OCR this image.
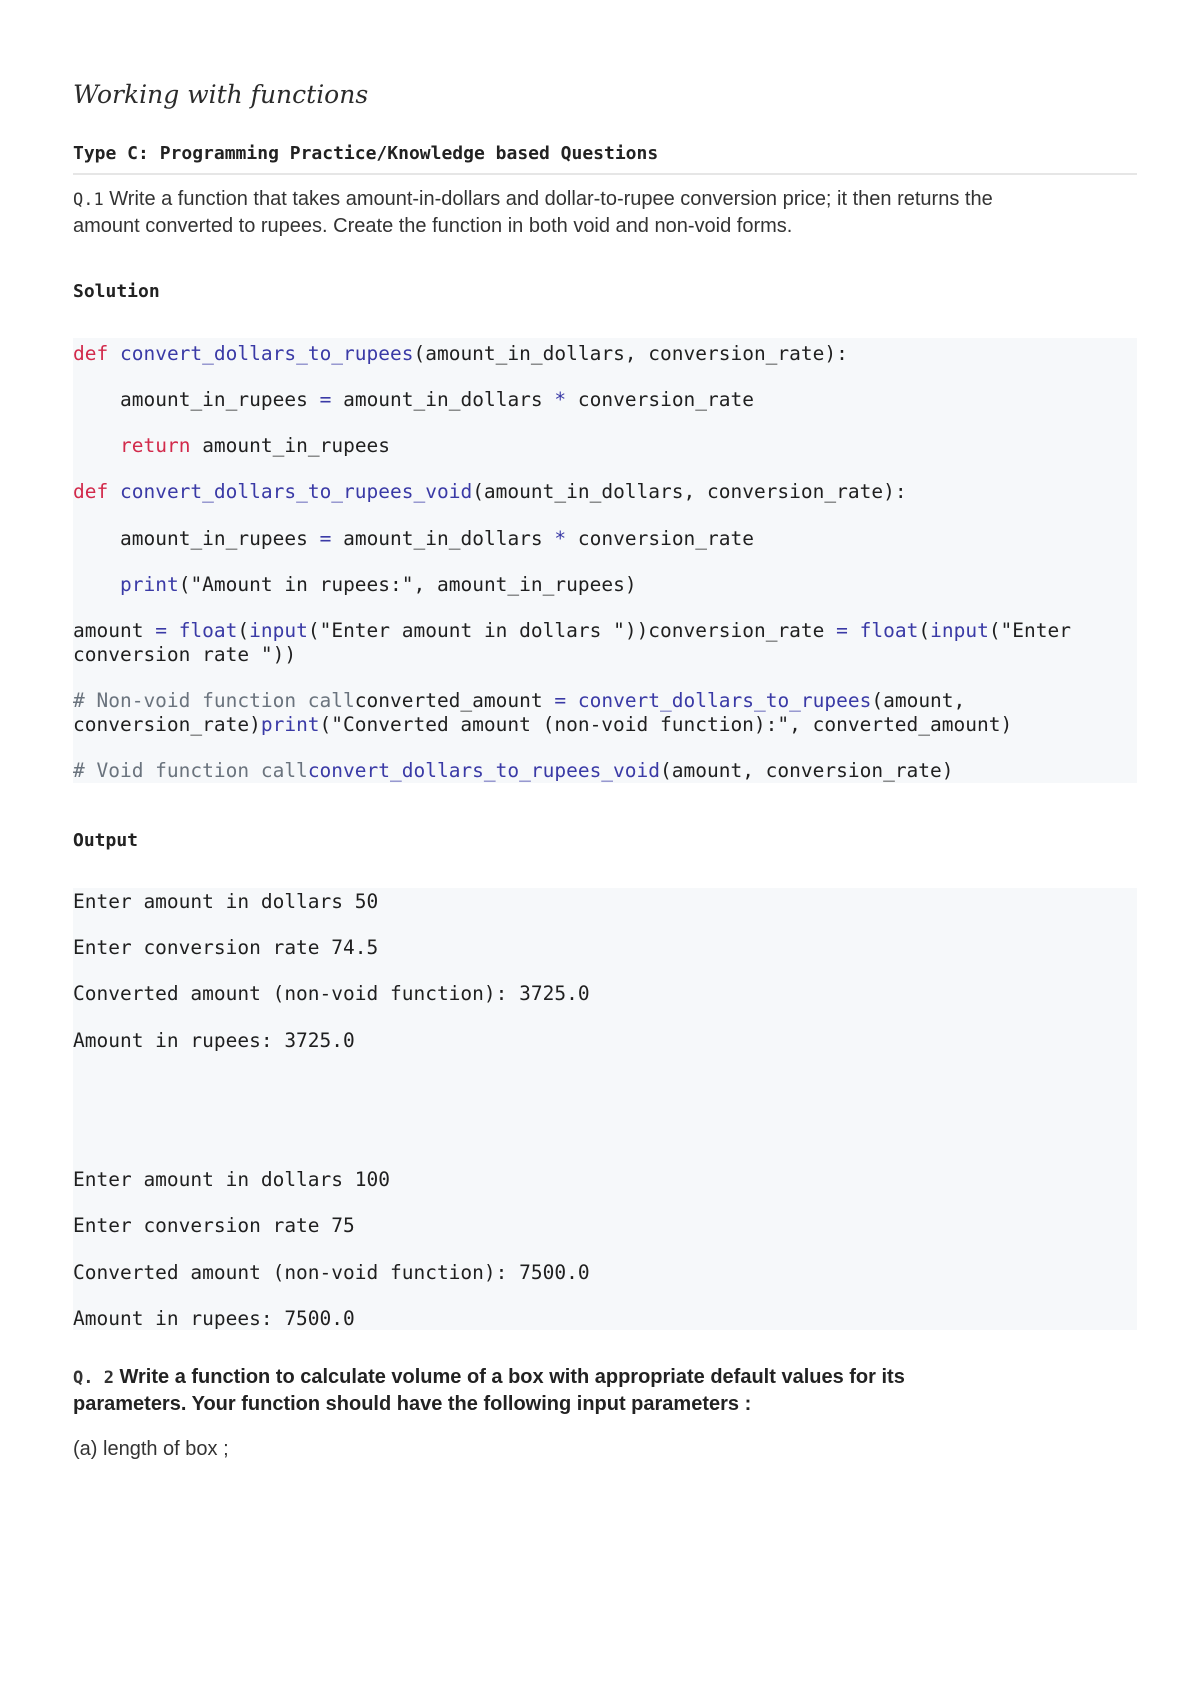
Working with functions
Type C: Programming Practice/Knowledge based Questions
Q.1 Write a function that takes amount-in-dollars and dollar-to-rupee conversion price; it then returns the
amount converted to rupees. Create the function in both void and non-void forms.
Solution
def convert_dollars_to_rupees(amount_in_dollars, conversion_rate):
amount_in_rupees = amount_in_dollars * conversion_rate
return amount_in_rupees
def convert_dollars_to_rupees_void(amount_in_dollars, conversion_rate):
amount_in_rupees = amount_in_dollars * conversion_rate
print("Amount in rupees:", amount_in_rupees)
amount = float(input("Enter amount in dollars "))conversion_rate = float(input("Enter
conversion rate "))
# Non-void function callconverted_amount = convert_dollars_to_rupees(amount,
conversion_rate)print("Converted amount (non-void function):", converted_amount)
# Void function callconvert_dollars_to_rupees_void(amount, conversion_rate)
Output
Enter amount in dollars 50
Enter conversion rate 74.5
Converted amount (non-void function): 3725.0
Amount in rupees: 3725.0
Enter amount in dollars 100
Enter conversion rate 75
Converted amount (non-void function): 7500.0
Amount in rupees: 7500.0
Q. 2 Write a function to calculate volume of a box with appropriate default values for its
parameters. Your function should have the following input parameters :
(a) length of box ;
